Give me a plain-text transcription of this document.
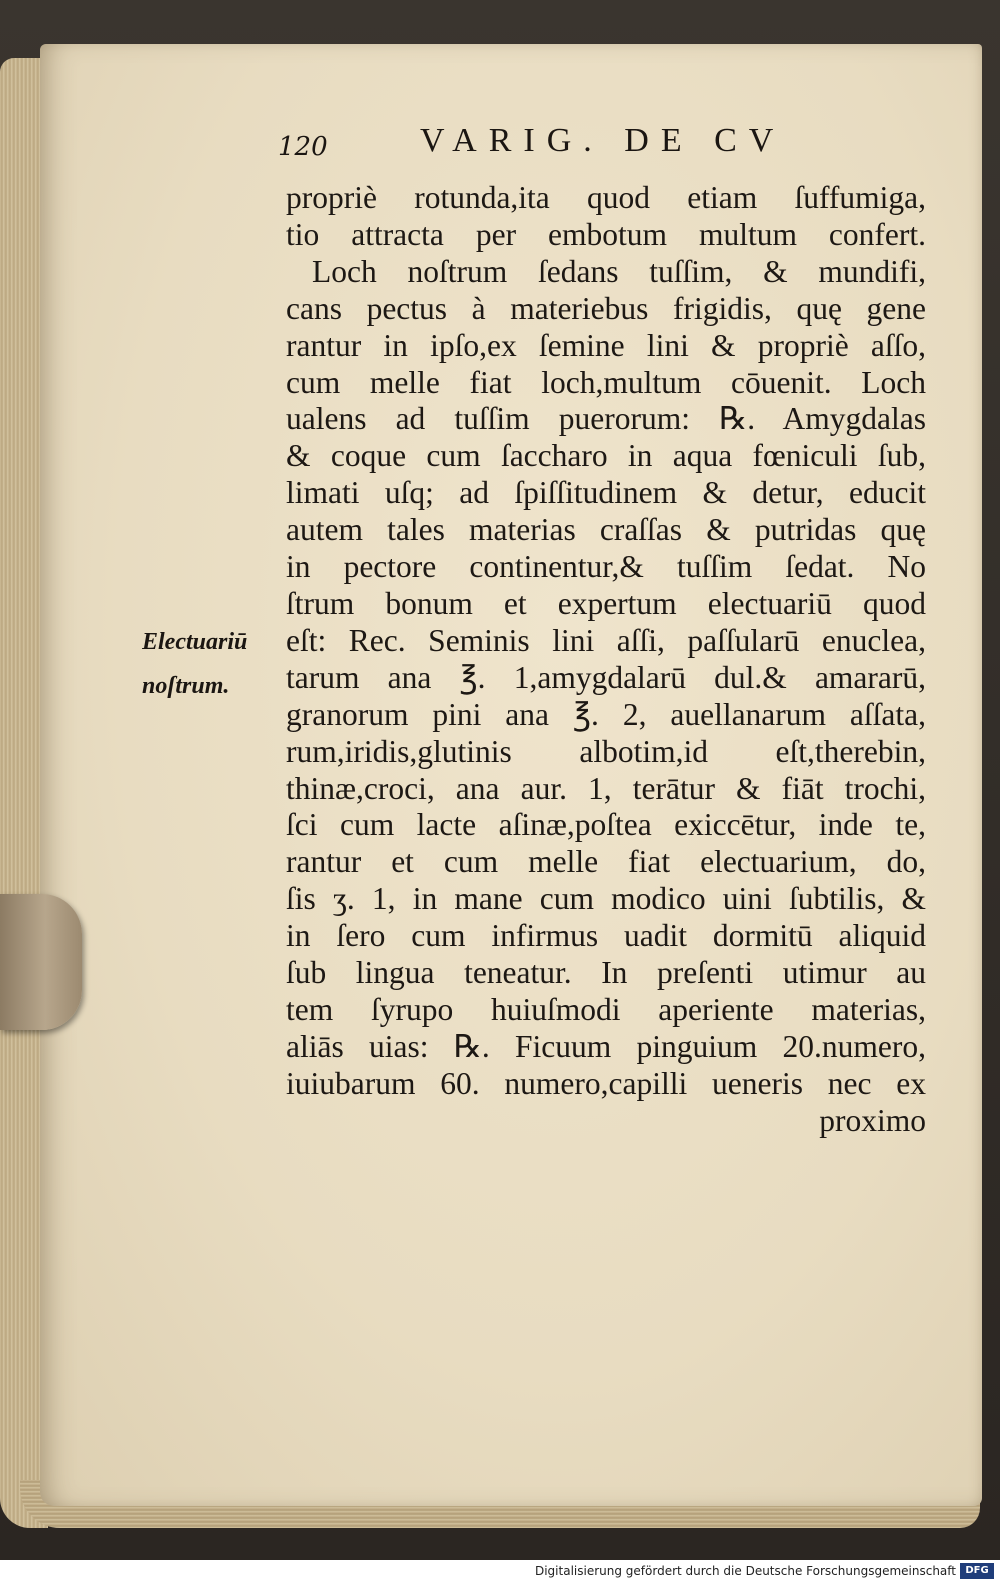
120	VARIG. DE CV
Electuariū
noſtrum.
propriè rotunda,ita quod etiam ſuffumiga,
tio attracta per embotum multum confert.
Loch noſtrum ſedans tuſſim, & mundifi,
cans pectus à materiebus frigidis, quę gene
rantur in ipſo,ex ſemine lini & propriè aſſo,
cum melle fiat loch,multum cōuenit. Loch
ualens ad tuſſim puerorum: ℞. Amygdalas
& coque cum ſaccharo in aqua fœniculi ſub,
limati uſq; ad ſpiſſitudinem & detur, educit
autem tales materias craſſas & putridas quę
in pectore continentur,& tuſſim ſedat. No
ſtrum bonum et expertum electuariū quod
eſt: Rec. Seminis lini aſſi, paſſularū enuclea,
tarum ana ℥. 1,amygdalarū dul.& amararū,
granorum pini ana ℥. 2, auellanarum aſſata,
rum,iridis,glutinis albotim,id eſt,therebin,
thinæ,croci, ana aur. 1, terātur & fiāt trochi,
ſci cum lacte aſinæ,poſtea exiccētur, inde te,
rantur et cum melle fiat electuarium, do,
ſis ʒ. 1, in mane cum modico uini ſubtilis, &
in ſero cum infirmus uadit dormitū aliquid
ſub lingua teneatur. In preſenti utimur au
tem ſyrupo huiuſmodi aperiente materias,
aliās uias: ℞. Ficuum pinguium 20.numero,
iuiubarum 60. numero,capilli ueneris nec ex
proximo
Digitalisierung gefördert durch die Deutsche Forschungsgemeinschaft DFG
